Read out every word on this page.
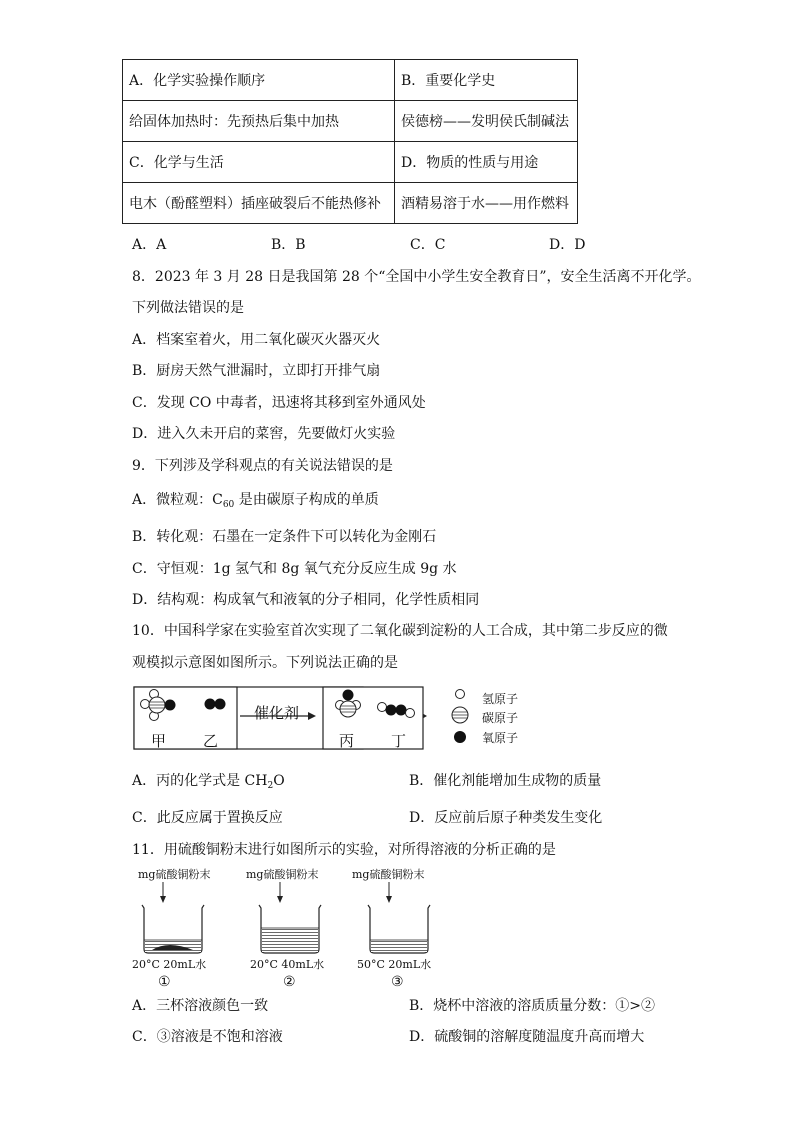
A．化学实验操作顺序	B．重要化学史
给固体加热时：先预热后集中加热	侯德榜——发明侯氏制碱法
C．化学与生活	D．物质的性质与用途
电木（酚醛塑料）插座破裂后不能热修补	酒精易溶于水——用作燃料
A．A	B．B	C．C	D．D
8．2023 年 3 月 28 日是我国第 28 个“全国中小学生安全教育日”，安全生活离不开化学。
下列做法错误的是
A．档案室着火，用二氧化碳灭火器灭火
B．厨房天然气泄漏时，立即打开排气扇
C．发现 CO 中毒者，迅速将其移到室外通风处
D．进入久未开启的菜窖，先要做灯火实验
9．下列涉及学科观点的有关说法错误的是
A．微粒观：$C_{60}$ 是由碳原子构成的单质
B．转化观：石墨在一定条件下可以转化为金刚石
C．守恒观：1g 氢气和 8g 氧气充分反应生成 9g 水
D．结构观：构成氧气和液氧的分子相同，化学性质相同
10．中国科学家在实验室首次实现了二氧化碳到淀粉的人工合成，其中第二步反应的微
观模拟示意图如图所示。下列说法正确的是
甲 乙
催化剂
丙 丁
氢原子
碳原子
氧原子
A．丙的化学式是 $CH_2O$	B．催化剂能增加生成物的质量
C．此反应属于置换反应	D．反应前后原子种类发生变化
11．用硫酸铜粉末进行如图所示的实验，对所得溶液的分析正确的是
mg硫酸铜粉末
20°C 20mL水
①
mg硫酸铜粉末
20°C 40mL水
②
mg硫酸铜粉末
50°C 20mL水
③
A．三杯溶液颜色一致	B．烧杯中溶液的溶质质量分数：①>②
C．③溶液是不饱和溶液	D．硫酸铜的溶解度随温度升高而增大
